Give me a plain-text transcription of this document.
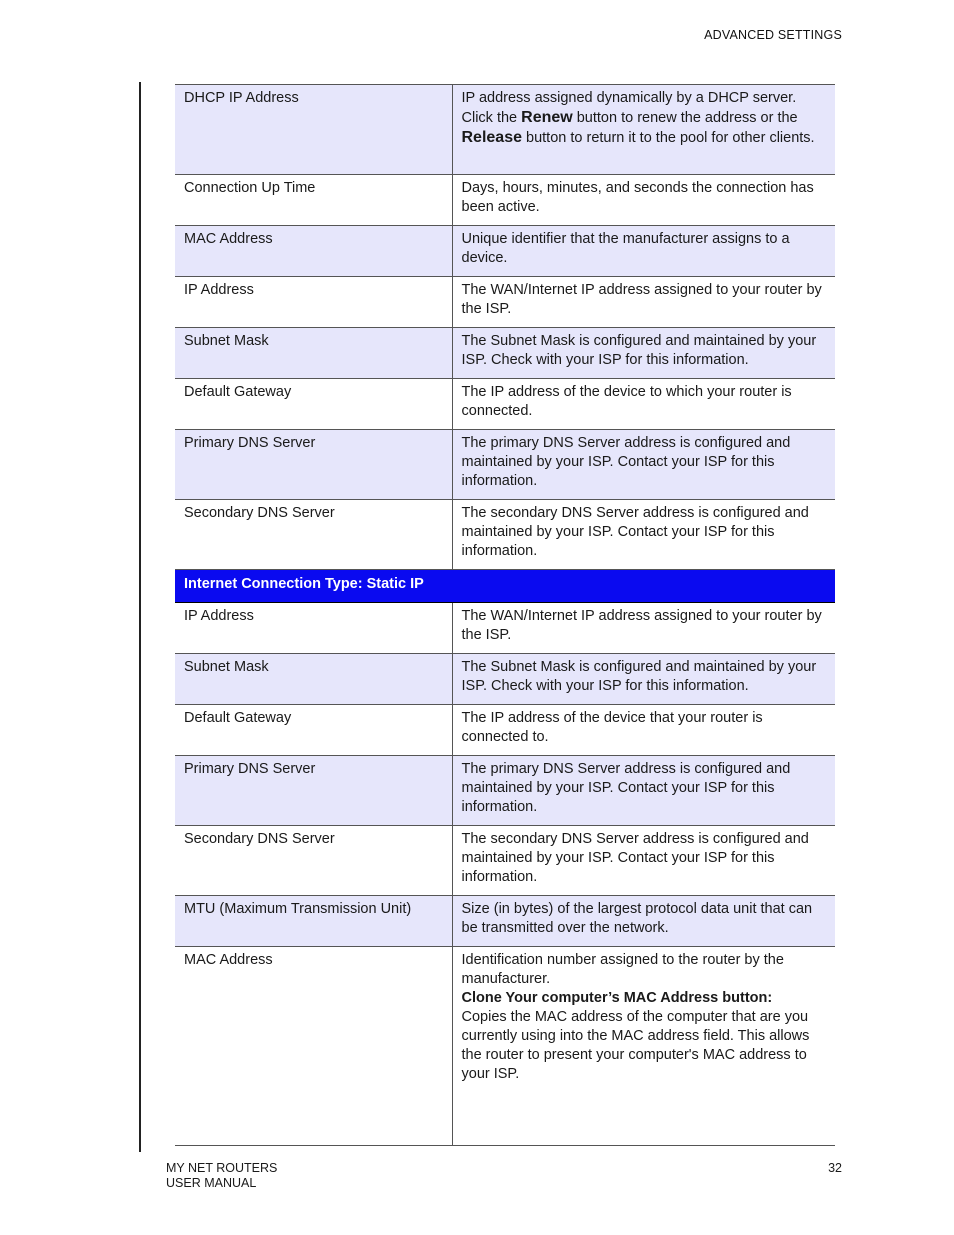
ADVANCED SETTINGS
DHCP IP Address	IP address assigned dynamically by a DHCP server. Click the Renew button to renew the address or the Release button to return it to the pool for other clients.
Connection Up Time	Days, hours, minutes, and seconds the connection has been active.
MAC Address	Unique identifier that the manufacturer assigns to a device.
IP Address	The WAN/Internet IP address assigned to your router by the ISP.
Subnet Mask	The Subnet Mask is configured and maintained by your ISP. Check with your ISP for this information.
Default Gateway	The IP address of the device to which your router is connected.
Primary DNS Server	The primary DNS Server address is configured and maintained by your ISP. Contact your ISP for this information.
Secondary DNS Server	The secondary DNS Server address is configured and maintained by your ISP. Contact your ISP for this information.
Internet Connection Type: Static IP	
IP Address	The WAN/Internet IP address assigned to your router by the ISP.
Subnet Mask	The Subnet Mask is configured and maintained by your ISP. Check with your ISP for this information.
Default Gateway	The IP address of the device that your router is connected to.
Primary DNS Server	The primary DNS Server address is configured and maintained by your ISP. Contact your ISP for this information.
Secondary DNS Server	The secondary DNS Server address is configured and maintained by your ISP. Contact your ISP for this information.
MTU (Maximum Transmission Unit)	Size (in bytes) of the largest protocol data unit that can be transmitted over the network.
MAC Address	Identification number assigned to the router by the manufacturer.
Clone Your computer’s MAC Address button:
Copies the MAC address of the computer that are you currently using into the MAC address field. This allows the router to present your computer's MAC address to your ISP.
MY NET ROUTERS
USER MANUAL
32
